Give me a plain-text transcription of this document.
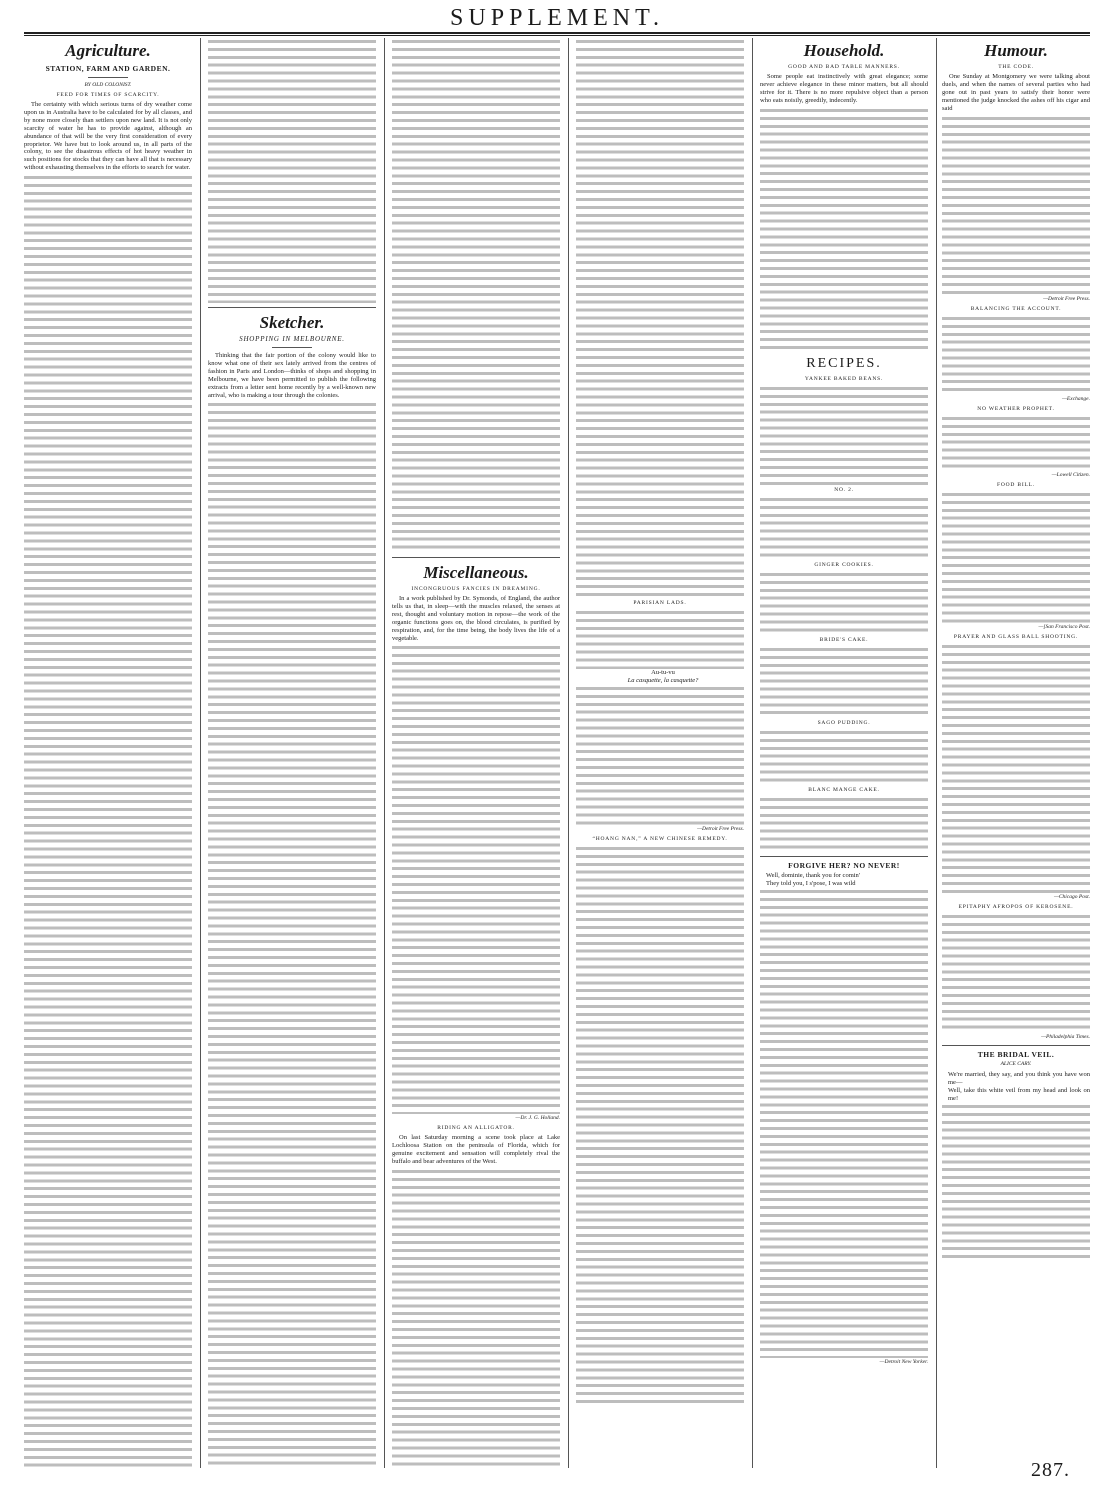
SUPPLEMENT.
Agriculture.
STATION, FARM AND GARDEN.
BY OLD COLONIST.
FEED FOR TIMES OF SCARCITY.

The certainty with which serious turns of dry weather come upon us in Australia have to be calculated for by all classes, and by none more closely than settlers upon new land. It is not only scarcity of water he has to provide against, although an abundance of that will be the very first consideration of every proprietor. We have but to look around us, in all parts of the colony, to see the disastrous effects of hot heavy weather in such positions for stocks that they can have all that is necessary without exhausting themselves in the efforts to search for water.

Sketcher.
SHOPPING IN MELBOURNE.

Thinking that the fair portion of the colony would like to know what one of their sex lately arrived from the centres of fashion in Paris and London—thinks of shops and shopping in Melbourne, we have been permitted to publish the following extracts from a letter sent home recently by a well-known new arrival, who is making a tour through the colonies.

Miscellaneous.
INCONGRUOUS FANCIES IN DREAMING.

In a work published by Dr. Symonds, of England, the author tells us that, in sleep—with the muscles relaxed, the senses at rest, thought and voluntary motion in repose—the work of the organic functions goes on, the blood circulates, is purified by respiration, and, for the time being, the body lives the life of a vegetable.

—Dr. J. G. Holland.
RIDING AN ALLIGATOR.

On last Saturday morning a scene took place at Lake Lochloosa Station on the peninsula of Florida, which for genuine excitement and sensation will completely rival the buffalo and bear adventures of the West.

PARISIAN LADS.
Au-tu-vu
La casquette, la casquette?
—Detroit Free Press.
“HOANG NAN,” A NEW CHINESE REMEDY.
Household.
GOOD AND BAD TABLE MANNERS.

Some people eat instinctively with great elegance; some never achieve elegance in these minor matters, but all should strive for it. There is no more repulsive object than a person who eats noisily, greedily, indecently.

RECIPES.
YANKEE BAKED BEANS.
NO. 2.
GINGER COOKIES.
BRIDE'S CAKE.
SAGO PUDDING.
BLANC MANGE CAKE.
FORGIVE HER? NO NEVER!
Well, dominie, thank you for comin'
They told you, I s'pose, I was wild
—Detroit New Yorker.
Humour.
THE CODE.

One Sunday at Montgomery we were talking about duels, and when the names of several parties who had gone out in past years to satisfy their honor were mentioned the judge knocked the ashes off his cigar and said

—Detroit Free Press.
BALANCING THE ACCOUNT.
—Exchange.
NO WEATHER PROPHET.
—Lowell Citizen.
FOOD BILL.
—[San Francisco Post.
PRAYER AND GLASS BALL SHOOTING.
—Chicago Post.
EPITAPHY AFROPOS OF KEROSENE.
—Philadelphia Times.
THE BRIDAL VEIL.
ALICE CARY.
We're married, they say, and you think you have won me—
Well, take this white veil from my head and look on me!
287.
